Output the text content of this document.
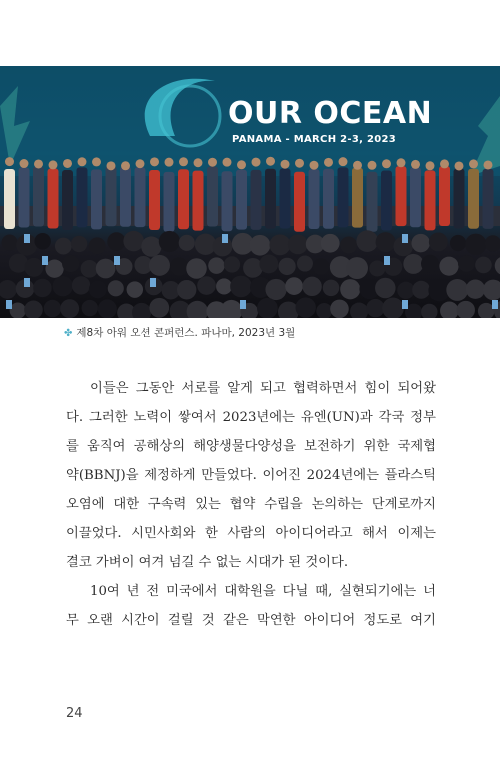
OUR OCEAN
PANAMA - MARCH 2-3, 2023
✤ 제8차 아워 오션 콘퍼런스. 파나마, 2023년 3월

이들은 그동안 서로를 알게 되고 협력하면서 힘이 되어왔

다. 그러한 노력이 쌓여서 2023년에는 유엔(UN)과 각국 정부

를 움직여 공해상의 해양생물다양성을 보전하기 위한 국제협

약(BBNJ)을 제정하게 만들었다. 이어진 2024년에는 플라스틱

오염에 대한 구속력 있는 협약 수립을 논의하는 단계로까지

이끌었다. 시민사회와 한 사람의 아이디어라고 해서 이제는

결코 가벼이 여겨 넘길 수 없는 시대가 된 것이다.

10여 년 전 미국에서 대학원을 다닐 때, 실현되기에는 너

무 오랜 시간이 걸릴 것 같은 막연한 아이디어 정도로 여기

24
